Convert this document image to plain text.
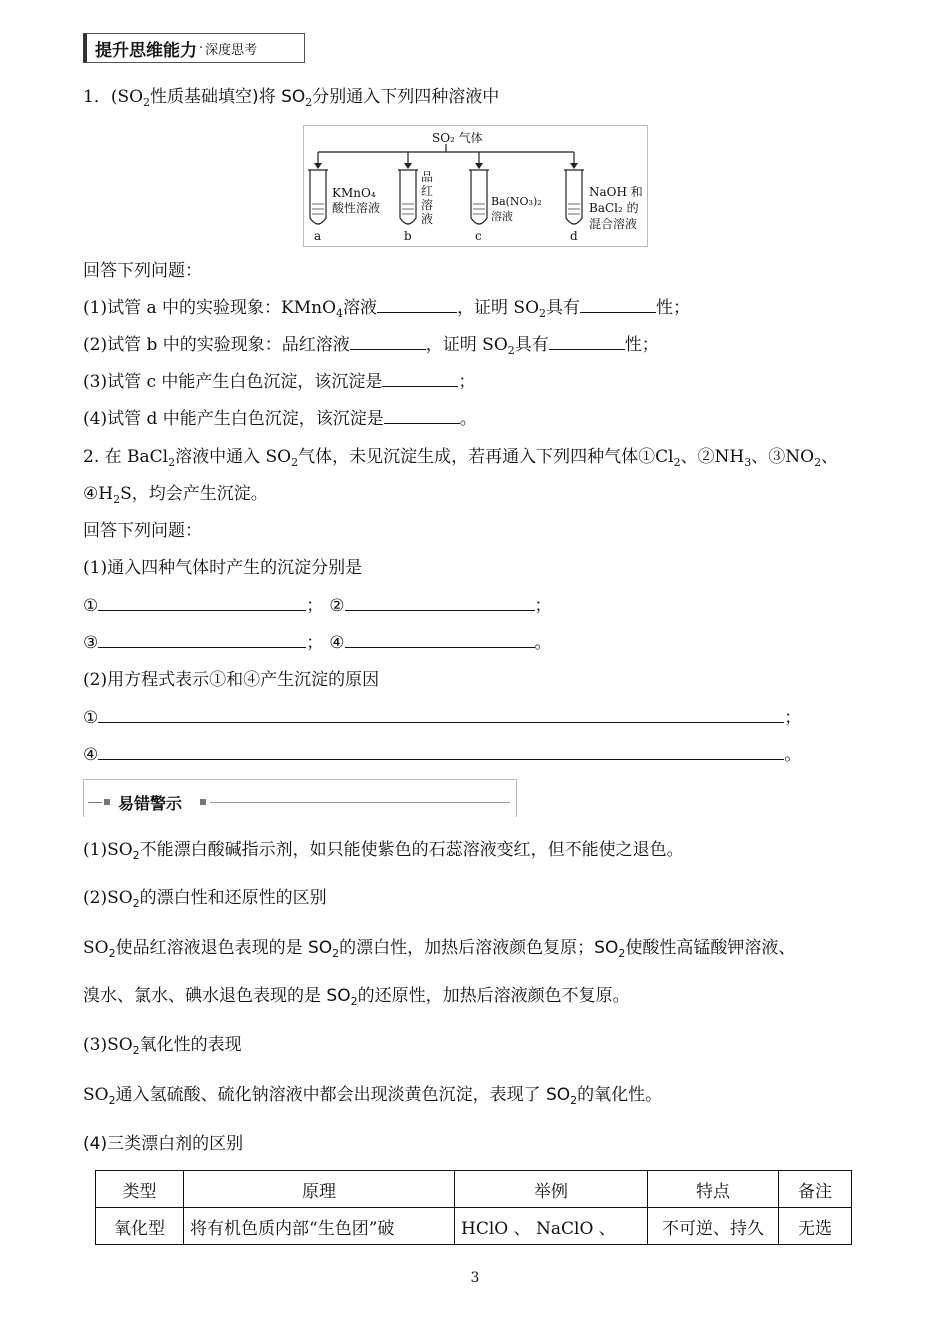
提升思维能力 · 深度思考
1．($SO_2$性质基础填空)将 $SO_2$分别通入下列四种溶液中
SO₂ 气体
KMnO₄
酸性溶液
a
品
红
溶
液
b
Ba(NO₃)₂
溶液
c
NaOH 和
BaCl₂ 的
混合溶液
d
回答下列问题：
(1)试管 a 中的实验现象：KMnO$_4$溶液	，证明 $SO_2$具有	性；
(2)试管 b 中的实验现象：品红溶液	，证明 $SO_2$具有	性；
(3)试管 c 中能产生白色沉淀，该沉淀是	；
(4)试管 d 中能产生白色沉淀，该沉淀是	。
2. 在 BaCl$_2$溶液中通入 $SO_2$气体，未见沉淀生成，若再通入下列四种气体$①Cl_2$、$②NH_3$、$③NO_2$、
$④H_2S$，均会产生沉淀。
回答下列问题：
(1)通入四种气体时产生的沉淀分别是
①	； ②	；
③	； ④	。
(2)用方程式表示①和④产生沉淀的原因
①	；
④	。
易错警示
$(1)SO_2$不能漂白酸碱指示剂，如只能使紫色的石蕊溶液变红，但不能使之退色。
$(2)SO_2$的漂白性和还原性的区别
$SO_2$使品红溶液退色表现的是 $SO_2$的漂白性，加热后溶液颜色复原；$SO_2$使酸性高锰酸钾溶液、
溴水、氯水、碘水退色表现的是 $SO_2$的还原性，加热后溶液颜色不复原。
$(3)SO_2$氧化性的表现
$SO_2$通入氢硫酸、硫化钠溶液中都会出现淡黄色沉淀，表现了 $SO_2$的氧化性。
(4)三类漂白剂的区别
类型	原理	举例	特点	备注
氧化型	将有机色质内部“生色团”破	HClO 、 NaClO 、	不可逆、持久	无选
3
